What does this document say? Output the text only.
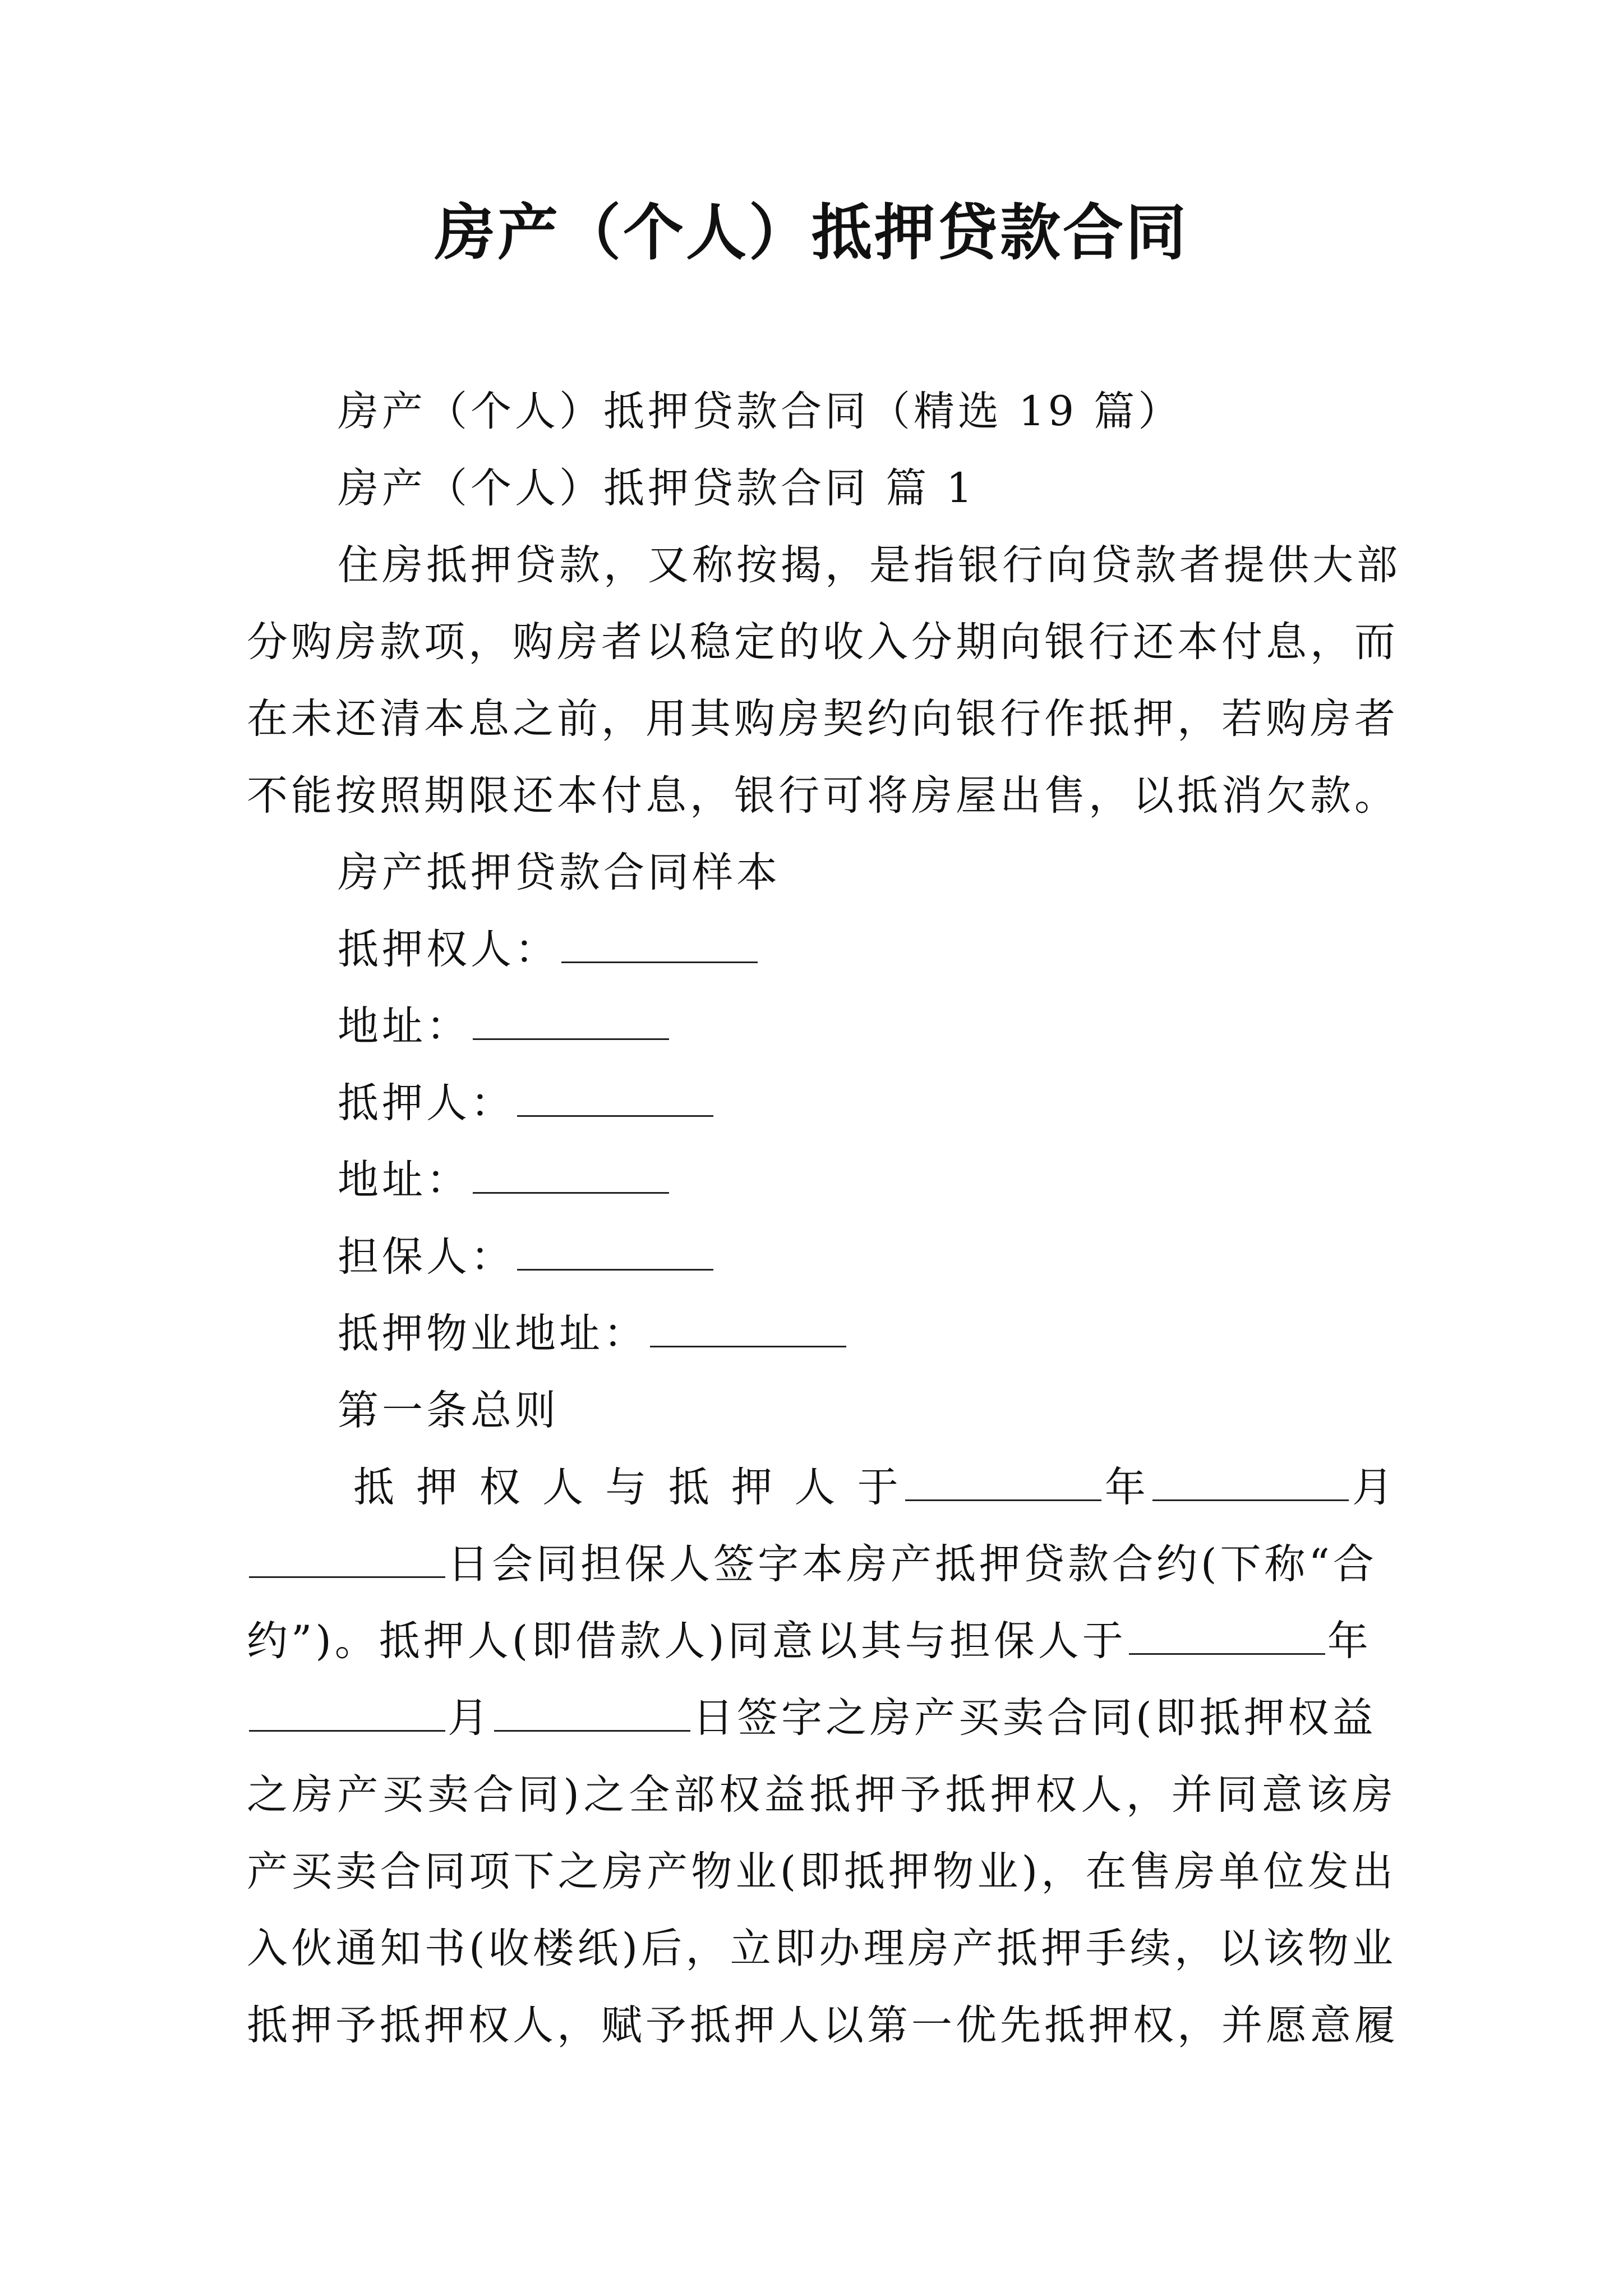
房产（个人）抵押贷款合同
房产（个人）抵押贷款合同（精选 19 篇）
房产（个人）抵押贷款合同 篇 1
住房抵押贷款，又称按揭，是指银行向贷款者提供大部
分购房款项，购房者以稳定的收入分期向银行还本付息，而
在未还清本息之前，用其购房契约向银行作抵押，若购房者
不能按照期限还本付息，银行可将房屋出售，以抵消欠款。
房产抵押贷款合同样本
抵押权人：
地址：
抵押人：
地址：
担保人：
抵押物业地址：
第一条总则
抵 押 权 人 与 抵 押 人 于	年	月
日会同担保人签字本房产抵押贷款合约(下称“合
约”)。抵押人(即借款人)同意以其与担保人于	年
月	日签字之房产买卖合同(即抵押权益
之房产买卖合同)之全部权益抵押予抵押权人，并同意该房
产买卖合同项下之房产物业(即抵押物业)，在售房单位发出
入伙通知书(收楼纸)后，立即办理房产抵押手续，以该物业
抵押予抵押权人，赋予抵押人以第一优先抵押权，并愿意履
